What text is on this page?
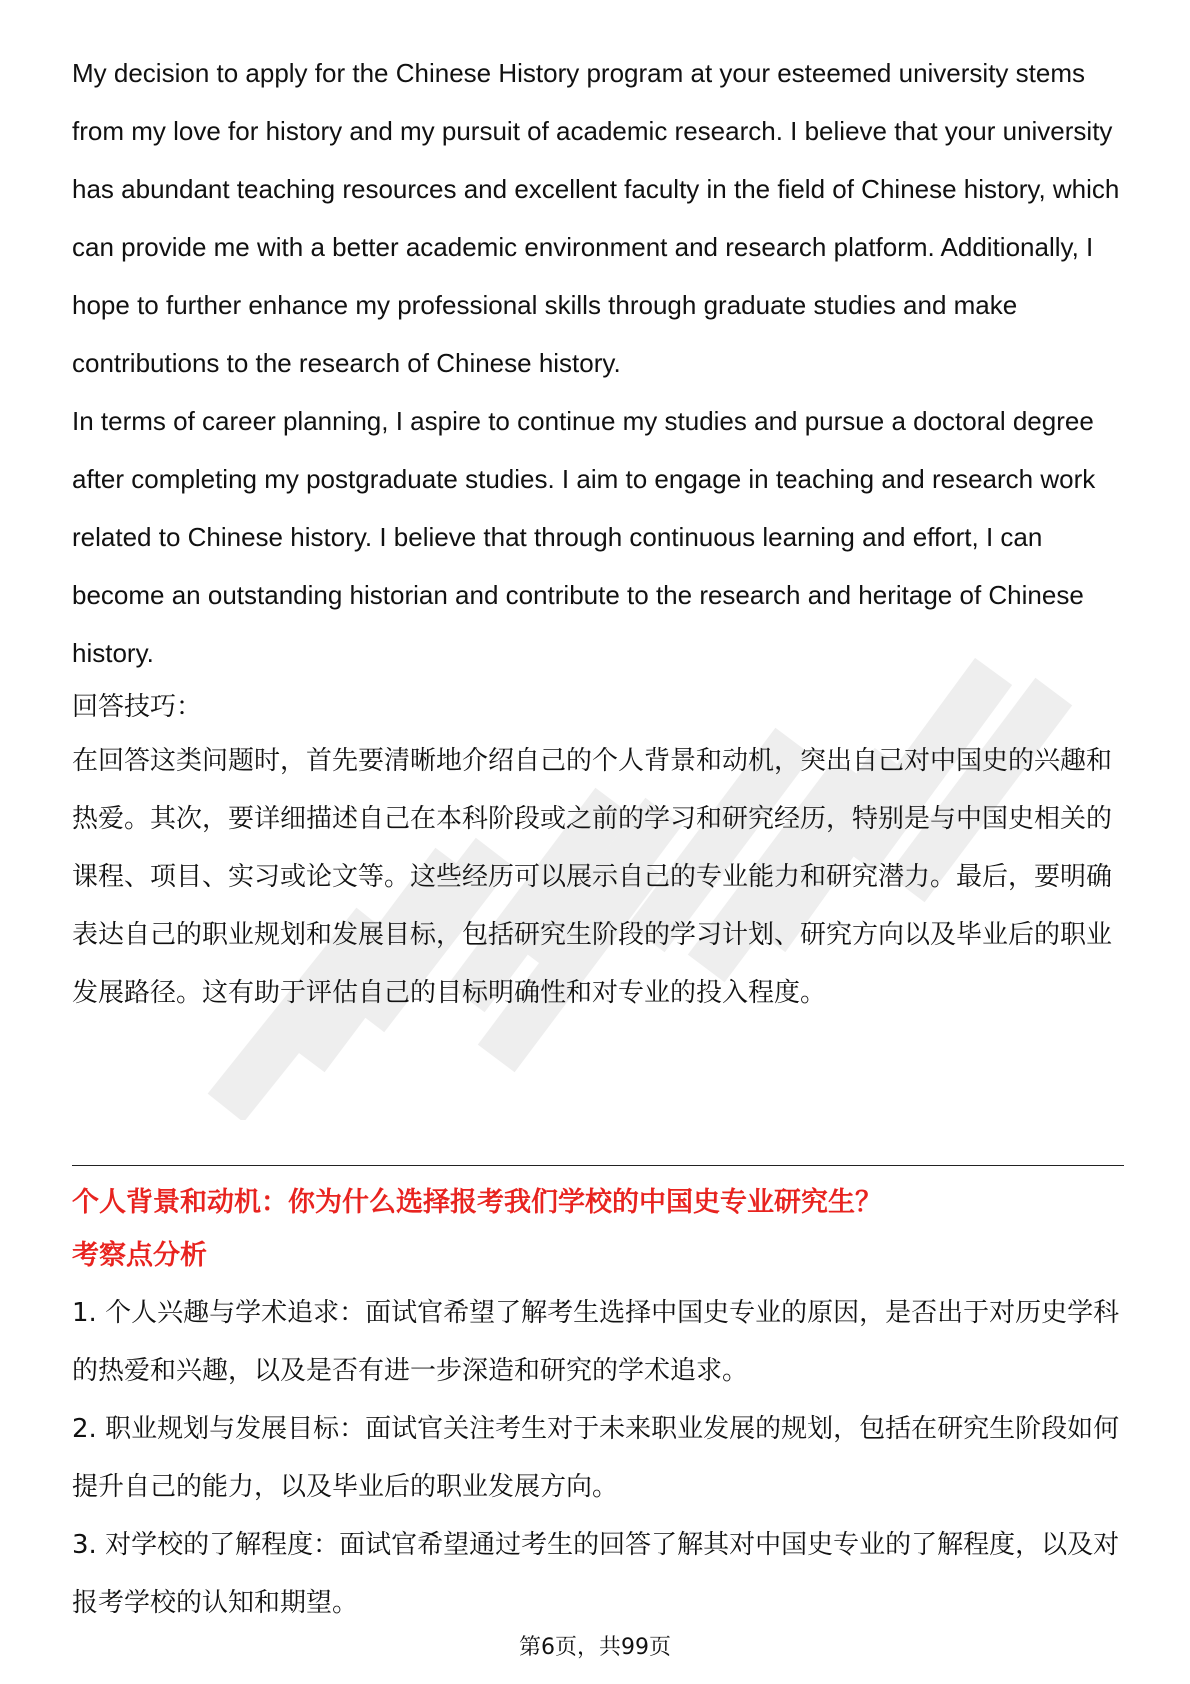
My decision to apply for the Chinese History program at your esteemed university stems from my love for history and my pursuit of academic research. I believe that your university has abundant teaching resources and excellent faculty in the field of Chinese history, which can provide me with a better academic environment and research platform. Additionally, I hope to further enhance my professional skills through graduate studies and make contributions to the research of Chinese history.

In terms of career planning, I aspire to continue my studies and pursue a doctoral degree after completing my postgraduate studies. I aim to engage in teaching and research work related to Chinese history. I believe that through continuous learning and effort, I can become an outstanding historian and contribute to the research and heritage of Chinese history.

回答技巧：

在回答这类问题时，首先要清晰地介绍自己的个人背景和动机，突出自己对中国史的兴趣和热爱。其次，要详细描述自己在本科阶段或之前的学习和研究经历，特别是与中国史相关的课程、项目、实习或论文等。这些经历可以展示自己的专业能力和研究潜力。最后，要明确表达自己的职业规划和发展目标，包括研究生阶段的学习计划、研究方向以及毕业后的职业发展路径。这有助于评估自己的目标明确性和对专业的投入程度。

个人背景和动机：你为什么选择报考我们学校的中国史专业研究生？

考察点分析

1. 个人兴趣与学术追求：面试官希望了解考生选择中国史专业的原因，是否出于对历史学科的热爱和兴趣，以及是否有进一步深造和研究的学术追求。

2. 职业规划与发展目标：面试官关注考生对于未来职业发展的规划，包括在研究生阶段如何提升自己的能力，以及毕业后的职业发展方向。

3. 对学校的了解程度：面试官希望通过考生的回答了解其对中国史专业的了解程度，以及对报考学校的认知和期望。

第6页，共99页
